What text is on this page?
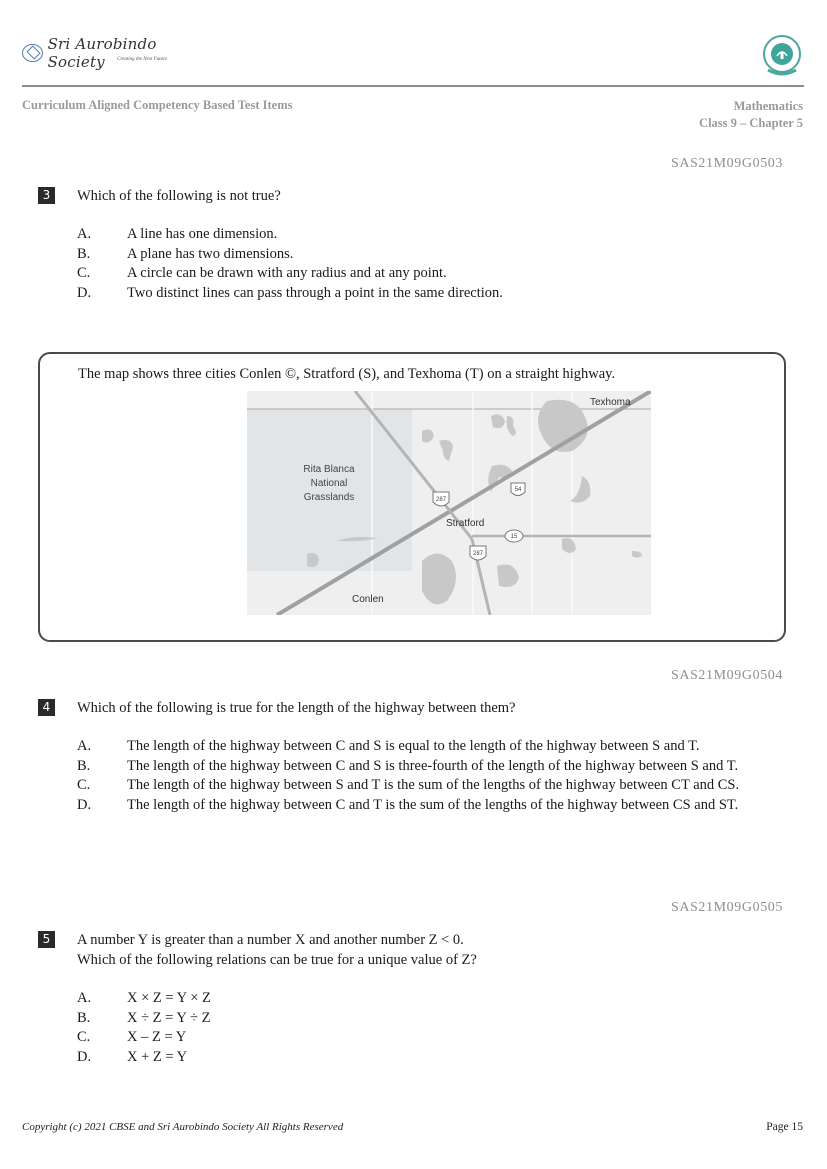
Sri Aurobindo Society	Creating the Next Future
Curriculum Aligned Competency Based Test Items	Mathematics
Class 9 – Chapter 5
SAS21M09G0503
3	Which of the following is not true?
A.	A line has one dimension.
B.	A plane has two dimensions.
C.	A circle can be drawn with any radius and at any point.
D.	Two distinct lines can pass through a point in the same direction.
The map shows three cities Conlen ©, Stratford (S), and Texhoma (T) on a straight highway.
287
287
54
15
Texhoma
Stratford
Conlen
Rita Blanca
National
Grasslands
SAS21M09G0504
4	Which of the following is true for the length of the highway between them?
A. The length of the highway between C and S is equal to the length of the highway between S and T.
B.	The length of the highway between C and S is three-fourth of the length of the highway between S and T.
C.	The length of the highway between S and T is the sum of the lengths of the highway between CT and CS.
D. The length of the highway between C and T is the sum of the lengths of the highway between CS and ST.
SAS21M09G0505
5	A number Y is greater than a number X and another number Z < 0.
Which of the following relations can be true for a unique value of Z?
A.	X × Z = Y × Z
B.	X ÷ Z = Y ÷ Z
C.	X – Z = Y
D.	X + Z = Y
Copyright (c) 2021 CBSE and Sri Aurobindo Society All Rights Reserved	Page 15
